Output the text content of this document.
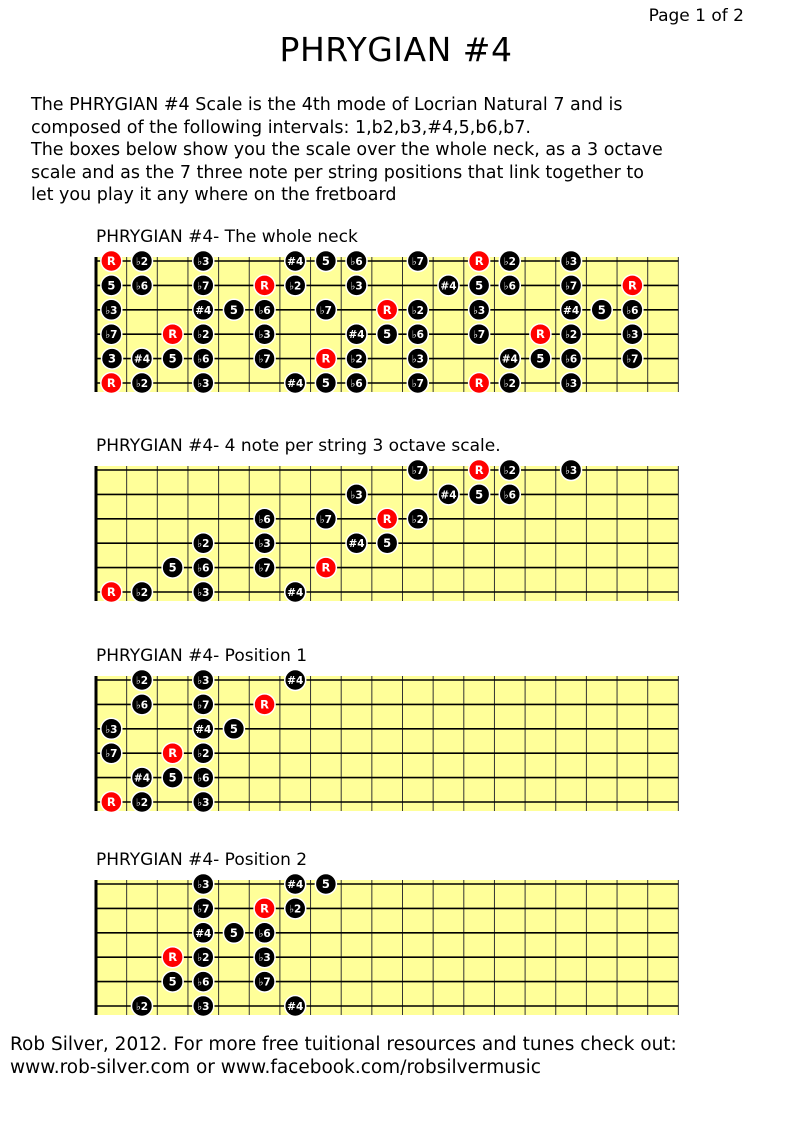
Page 1 of 2
PHRYGIAN #4
The PHRYGIAN #4 Scale is the 4th mode of Locrian Natural 7 and is
composed of the following intervals: 1,b2,b3,#4,5,b6,b7.
The boxes below show you the scale over the whole neck, as a 3 octave
scale and as the 7 three note per string positions that link together to
let you play it any where on the fretboard
PHRYGIAN #4- The whole neck
R ♭2	♭3	#4 5 ♭6	♭7	R ♭2	♭3
5 ♭6	♭7	R ♭2	♭3	#4 5 ♭6	♭7	R
♭3	#4 5 ♭6	♭7	R ♭2	♭3	#4 5 ♭6
♭7	R ♭2	♭3	#4 5 ♭6	♭7	R ♭2	♭3
3 #4 5 ♭6	♭7	R ♭2	♭3	#4 5 ♭6	♭7
R ♭2	♭3	#4 5 ♭6	♭7	R ♭2	♭3
PHRYGIAN #4- 4 note per string 3 octave scale.
♭7	R ♭2	♭3
♭3	#4 5 ♭6
♭6	♭7	R ♭2
♭2	♭3	#4 5
5 ♭6	♭7	R
R ♭2	♭3	#4
PHRYGIAN #4- Position 1
♭2	♭3	#4
♭6	♭7	R
♭3	#4 5
♭7	R ♭2
#4 5 ♭6
R ♭2	♭3
PHRYGIAN #4- Position 2
♭3	#4 5
♭7	R ♭2
#4 5 ♭6
R ♭2	♭3
5 ♭6	♭7
♭2	♭3	#4
Rob Silver, 2012. For more free tuitional resources and tunes check out:
www.rob-silver.com or www.facebook.com/robsilvermusic
